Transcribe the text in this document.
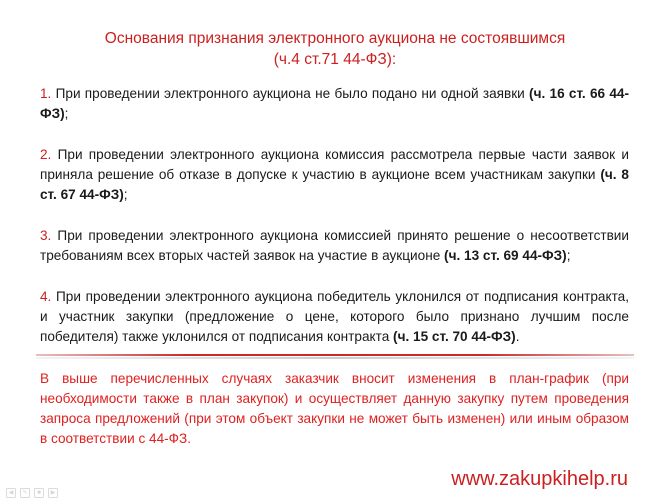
Основания признания электронного аукциона не состоявшимся
(ч.4 ст.71 44-ФЗ):

1. При проведении электронного аукциона не было подано ни одной заявки (ч. 16 ст. 66 44-ФЗ);

2. При проведении электронного аукциона комиссия рассмотрела первые части заявок и приняла решение об отказе в допуске к участию в аукционе всем участникам закупки (ч. 8 ст. 67 44-ФЗ);

3. При проведении электронного аукциона комиссией принято решение о несоответствии требованиям всех вторых частей заявок на участие в аукционе (ч. 13 ст. 69 44-ФЗ);

4. При проведении электронного аукциона победитель уклонился от подписания контракта, и участник закупки (предложение о цене, которого было признано лучшим после победителя) также уклонился от подписания контракта (ч. 15 ст. 70 44-ФЗ).

В выше перечисленных случаях заказчик вносит изменения в план-график (при необходимости также в план закупок) и осуществляет данную закупку путем проведения запроса предложений (при этом объект закупки не может быть изменен) или иным образом в соответствии с 44-ФЗ.
www.zakupkihelp.ru
◀	✎	■	▶
